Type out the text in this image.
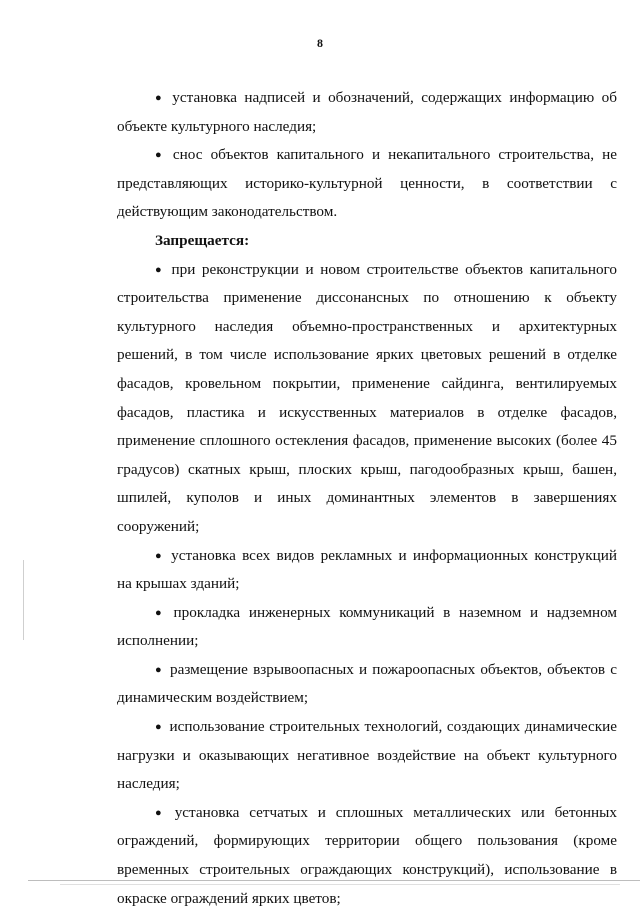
8

● установка надписей и обозначений, содержащих информацию об объекте культурного наследия;

● снос объектов капитального и некапитального строительства, не представляющих историко-культурной ценности, в соответствии с действующим законодательством.

Запрещается:

● при реконструкции и новом строительстве объектов капитального строительства применение диссонансных по отношению к объекту культурного наследия объемно-пространственных и архитектурных решений, в том числе использование ярких цветовых решений в отделке фасадов, кровельном покрытии, применение сайдинга, вентилируемых фасадов, пластика и искусственных материалов в отделке фасадов, применение сплошного остекления фасадов, применение высоких (более 45 градусов) скатных крыш, плоских крыш, пагодообразных крыш, башен, шпилей, куполов и иных доминантных элементов в завершениях сооружений;

● установка всех видов рекламных и информационных конструкций на крышах зданий;

● прокладка инженерных коммуникаций в наземном и надземном исполнении;

● размещение взрывоопасных и пожароопасных объектов, объектов с динамическим воздействием;

● использование строительных технологий, создающих динамические нагрузки и оказывающих негативное воздействие на объект культурного наследия;

● установка сетчатых и сплошных металлических или бетонных ограждений, формирующих территории общего пользования (кроме временных строительных ограждающих конструкций), использование в окраске ограждений ярких цветов;
